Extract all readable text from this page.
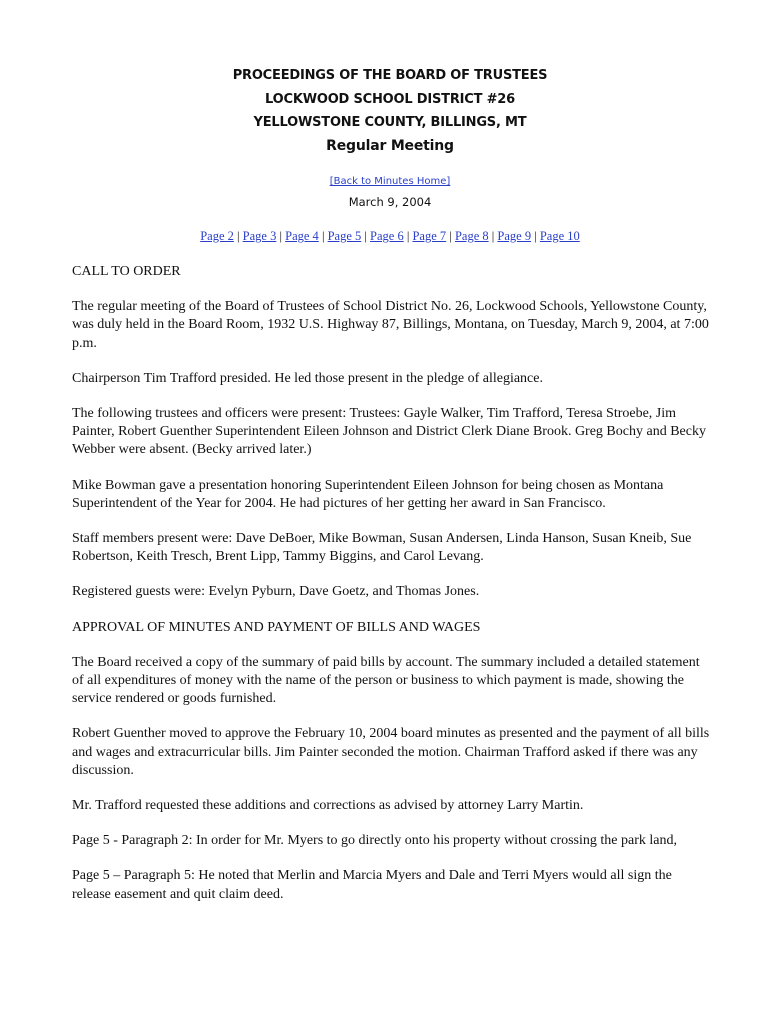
PROCEEDINGS OF THE BOARD OF TRUSTEES
LOCKWOOD SCHOOL DISTRICT #26
YELLOWSTONE COUNTY, BILLINGS, MT
Regular Meeting
[Back to Minutes Home]
March 9, 2004
Page 2 | Page 3 | Page 4 | Page 5 | Page 6 | Page 7 | Page 8 | Page 9 | Page 10

CALL TO ORDER

The regular meeting of the Board of Trustees of School District No. 26, Lockwood Schools, Yellowstone County, was duly held in the Board Room, 1932 U.S. Highway 87, Billings, Montana, on Tuesday, March 9, 2004, at 7:00 p.m.

Chairperson Tim Trafford presided. He led those present in the pledge of allegiance.

The following trustees and officers were present: Trustees: Gayle Walker, Tim Trafford, Teresa Stroebe, Jim Painter, Robert Guenther Superintendent Eileen Johnson and District Clerk Diane Brook. Greg Bochy and Becky Webber were absent. (Becky arrived later.)

Mike Bowman gave a presentation honoring Superintendent Eileen Johnson for being chosen as Montana Superintendent of the Year for 2004. He had pictures of her getting her award in San Francisco.

Staff members present were: Dave DeBoer, Mike Bowman, Susan Andersen, Linda Hanson, Susan Kneib, Sue Robertson, Keith Tresch, Brent Lipp, Tammy Biggins, and Carol Levang.

Registered guests were: Evelyn Pyburn, Dave Goetz, and Thomas Jones.

APPROVAL OF MINUTES AND PAYMENT OF BILLS AND WAGES

The Board received a copy of the summary of paid bills by account. The summary included a detailed statement of all expenditures of money with the name of the person or business to which payment is made, showing the service rendered or goods furnished.

Robert Guenther moved to approve the February 10, 2004 board minutes as presented and the payment of all bills and wages and extracurricular bills. Jim Painter seconded the motion. Chairman Trafford asked if there was any discussion.

Mr. Trafford requested these additions and corrections as advised by attorney Larry Martin.

Page 5 - Paragraph 2: In order for Mr. Myers to go directly onto his property without crossing the park land,

Page 5 – Paragraph 5: He noted that Merlin and Marcia Myers and Dale and Terri Myers would all sign the release easement and quit claim deed.
